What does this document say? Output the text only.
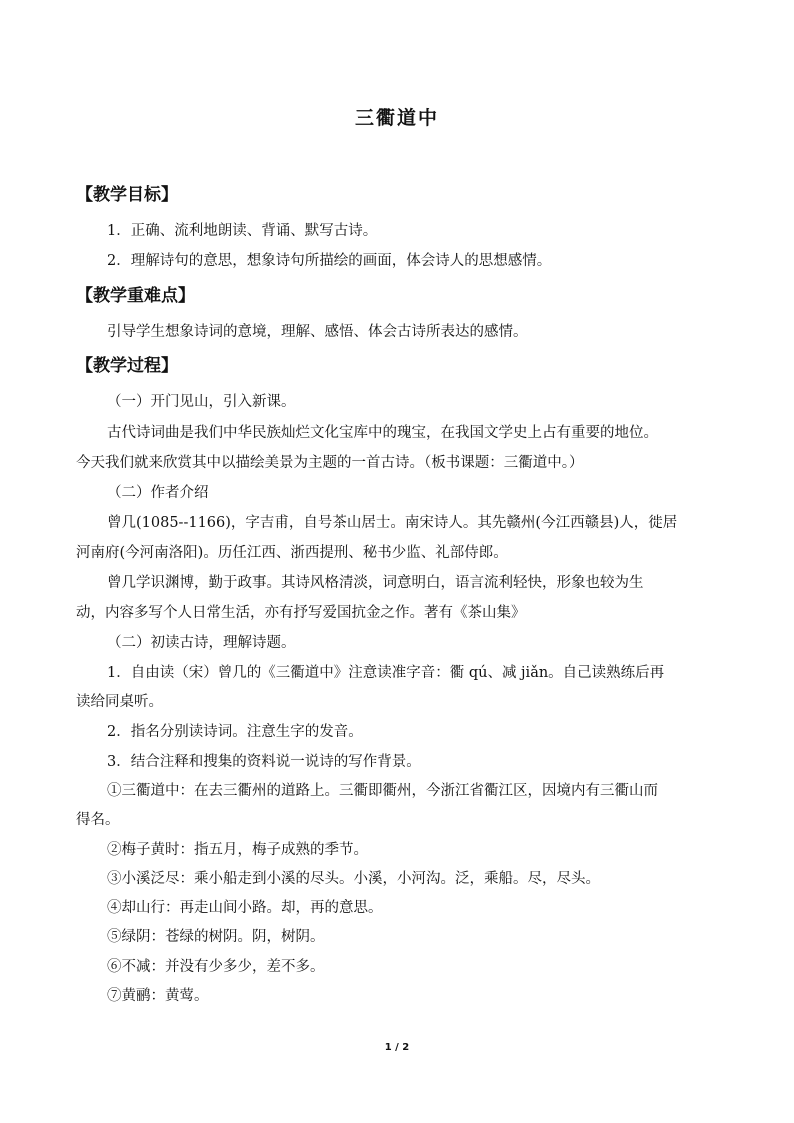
三衢道中
【教学目标】
1．正确、流利地朗读、背诵、默写古诗。
2．理解诗句的意思，想象诗句所描绘的画面，体会诗人的思想感情。
【教学重难点】
引导学生想象诗词的意境，理解、感悟、体会古诗所表达的感情。
【教学过程】
（一）开门见山，引入新课。
古代诗词曲是我们中华民族灿烂文化宝库中的瑰宝，在我国文学史上占有重要的地位。
今天我们就来欣赏其中以描绘美景为主题的一首古诗。（板书课题：三衢道中。）
（二）作者介绍
曾几(1085--1166)，字吉甫，自号茶山居士。南宋诗人。其先赣州(今江西赣县)人，徙居
河南府(今河南洛阳)。历任江西、浙西提刑、秘书少监、礼部侍郎。
曾几学识渊博，勤于政事。其诗风格清淡，词意明白，语言流利轻快，形象也较为生
动，内容多写个人日常生活，亦有抒写爱国抗金之作。著有《茶山集》
（二）初读古诗，理解诗题。
1．自由读（宋）曾几的《三衢道中》注意读准字音：衢 qú、减 jiǎn。自己读熟练后再
读给同桌听。
2．指名分别读诗词。注意生字的发音。
3．结合注释和搜集的资料说一说诗的写作背景。
①三衢道中：在去三衢州的道路上。三衢即衢州，今浙江省衢江区，因境内有三衢山而
得名。
②梅子黄时：指五月，梅子成熟的季节。
③小溪泛尽：乘小船走到小溪的尽头。小溪，小河沟。泛，乘船。尽，尽头。
④却山行：再走山间小路。却，再的意思。
⑤绿阴：苍绿的树阴。阴，树阴。
⑥不减：并没有少多少，差不多。
⑦黄鹂：黄莺。
1 / 2
